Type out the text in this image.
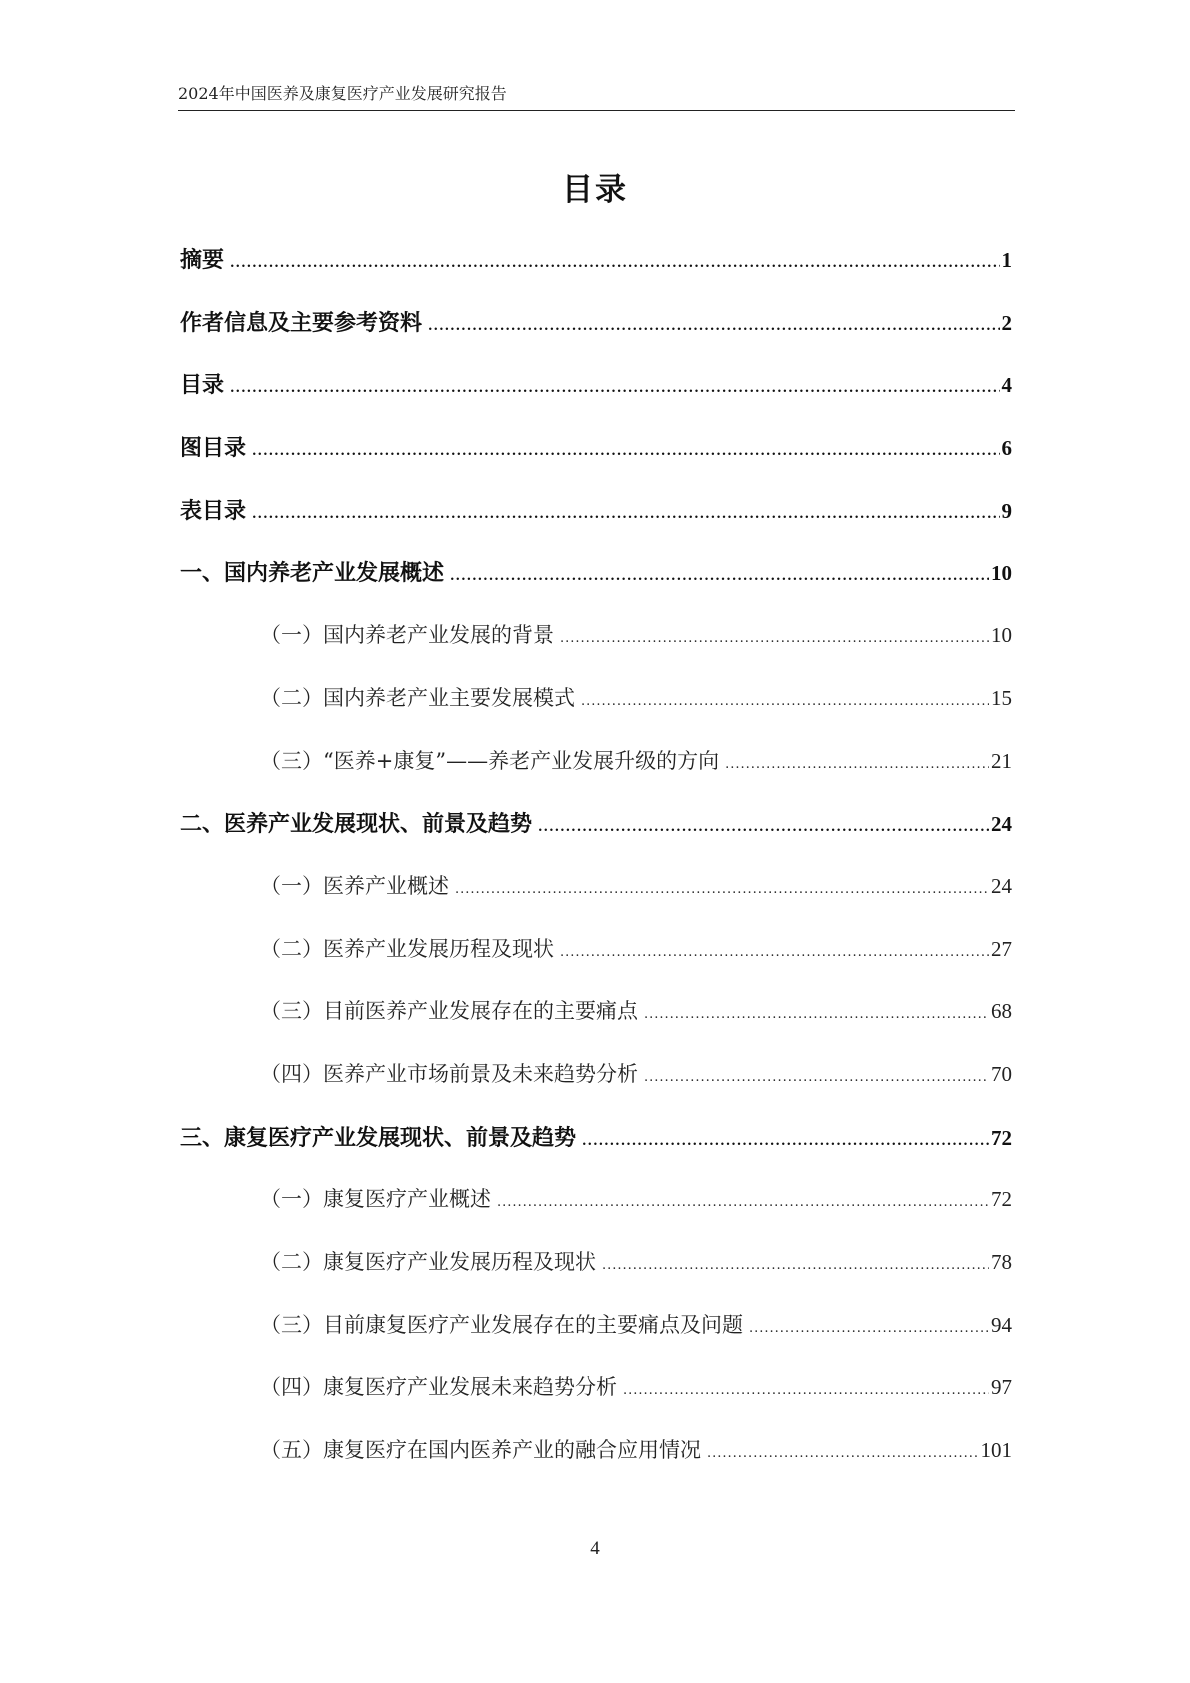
2024年中国医养及康复医疗产业发展研究报告
目录
摘要 .....	1
作者信息及主要参考资料 .....	2
目录 .....	4
图目录 .....	6
表目录 .....	9
一、国内养老产业发展概述 .....	10
（一）国内养老产业发展的背景 .....	10
（二）国内养老产业主要发展模式 .....	15
（三）“医养+康复”——养老产业发展升级的方向 .....	21
二、医养产业发展现状、前景及趋势 .....	24
（一）医养产业概述 .....	24
（二）医养产业发展历程及现状 .....	27
（三）目前医养产业发展存在的主要痛点 .....	68
（四）医养产业市场前景及未来趋势分析 .....	70
三、康复医疗产业发展现状、前景及趋势 .....	72
（一）康复医疗产业概述 .....	72
（二）康复医疗产业发展历程及现状 .....	78
（三）目前康复医疗产业发展存在的主要痛点及问题 .....	94
（四）康复医疗产业发展未来趋势分析 .....	97
（五）康复医疗在国内医养产业的融合应用情况 .....	101
4
